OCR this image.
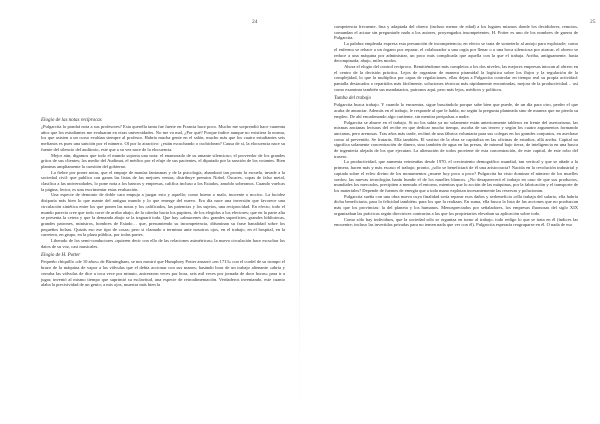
24
Elogio de las notas recíprocas

¿Pulgarcita lo pondrá nota a sus profesores? Esta querella tanta fue fuerte en Francia hace poco. Mucho me sorprendió hace cuarenta años que los estudiantes me evaluaran en otras universidades. No me va mal, ¿Por qué? Porque índice aunque no existiera la norma, los que asisten a un curso evalúan siempre al profesor. Habría mucha gente en el salón, mucho más que los cuatro estudiantes seis mefianos es pues una sanción por el número. Ol por lo atractivo: ¿están escuchando o cuchichean? Causa de sí, la elocuencia nace su fuente del silencio del auditorio, este que a su vez nace de la elocuencia.

Mejor aún, digamos que todo el mundo soporta una nota: el enamorado de su amante silencioso; el proveedor de los grandes gritos de sus clientes; los medio del Audímat, el médico por el efuje de sus pacientes, el diputado por la sanción de los votantes. Bien planteas ampliamente la cuestión del gobierno.

La fiebre por poner notas, que el empuje de manías fantasmas y de la psicología, abandonó tan pronto la escuela, invade a la sociedad civil: que publica con ganas las listas de las mejores ventas, distribuye premios Nobel, Óscares, copas de falso metal, clasifica a las universidades, lo pone nota a los bancos y empresas, califica incluso a los Estados, amoldo soberanos. Cuando vuelcas la página, lector, es una excrimentar estas evaluación.

Una especie de demonio de doble cara empuja a juzgar esto y aquello; como bueno o malo, inocente o nocivo. La lucidez disiparía más bien lo que mante del antiguo mundo y lo que emerge del nuevo. Era día nace una inversión que favorece una circulación sintética entre los que ponen las notas y los calificados, las patencias y los sujetos, una reciprocidad. En efecto, todo el mundo parecía cree que todo corre de arriba abajo, de la cátedra hacia los pupitres, de los elegidos a los electores; que en la parte alta se presenta la cetera y que la demanda abajo se la traguará toda. Que hay «almacenes de» grandes superficies, grandes bibliotecas, grandes patrones, ministros, hombres de Estado… que, presumiendo su incompetencia, difuminan su frase banalidad sobre los pequeños bolsas. Quizás eso ese tipo de cosas; pero si clamado a terminar ante nosotros ojos, en el trabajo, en el hospital, en la carretera, en grupo, en la plaza pública, por todas partes.

Liberado de los semi-conductores «quieren decir con ello de las relaciones asimétricas» la nueva circulación hace escuchar los datos de su voz, casi musicales.

Elogio de H. Potter

Pequeño chiquillo «de 10 años» de Birmingham, se nos mostró que Humphrey Potter ansarró «en 1713» con el cordel de su trompo el brazo de la máquina de vapor a las válvulas que el debía accionar con sus manos; basándo hoar de un trabajo alienante «abría y cerraba las válvulas de dice a toca vece por minuto, aniceraron veces por hora, seis mil veces por jornada de doce horas» para ir a jugar, inventó al mismo tiempo que suprimió su esclavitud, una especie de retroalimentación. Verdaderos inventando, este cuanto alaba la precisividad de un genio; a mis ojos, muestra más bien la

25

competencia frecuente, fina y adaptada del obrero (incluso menor de edad) a los lugares mismos donde los decididores, remotos, comandan el actuar sin preguntarle nada a los autores, proyengados insompetentes. H. Potter es uno de los nombres de guerra de Pulgarcita.

La palabra empleada expresa esta presunción de incompetencia; en efecto se trata de someterlo al antojo para explotarle; como el enfermo se rehace a un órgano por reparar, el colaborador a una orgía por llenar o a una boca silenciosa por atracar, el obrero se reduce a una máquina por administrar, un poco más complicada que aquella con la que el trabaja. Arriba, antiguamente, hasta decompinada; abajo, miles modos.

Ahora el elogio del control recíproco. Remitiéndome más completos a los dos niveles, las mejores empresas intocan al obrero en el centro de la decisión práctica. Lejos de organizar de manera piramidal la logística sobre los flujos y la regulación de la complejidad, lo que la multiplica por capas de regulaciones, ellas dejan a Pulgarcita controlar en tiempo real su propia actividad: pantalla destacados o repartidos más fácilmente, soluciones técnicas más rápidamente encontradas, mejora de la productividad… así como examinar también sus mandatarios, patronos aquí, pero más lejos, médicos y políticos.

Tumba del trabajo

Pulgarcita busca trabajo. Y cuando lo encuentra, sigue buscándolo porque sabe bien que puede, de un día para otro, perder el que acaba de anunciar. Además en el trabajo, le responde al que le habla, no según la pregunta planteada sino de manera que no pierda su empleo. De ahí encadenando algo curtiente, sin mentira peripalsas a nadie.

Pulgarcita se aburre en el trabajo. Si no los sabía ya no solamente están anteriormente tableros en frente del asertorismo, las mismas ancianas lecturas del recibe en que dedicar mucho tiempo, ascoba de sus teoreo y según los cuatro argumentos formando ancianas, pero arenosas. Tras años más tarde, reclinó de una fábrica voluntaria para sus colegas en los grandes conjuntos, en asechase como al prevenido. Se frutarás. Ella también. El vastiso de la obra se capitaliza en las oficinas de estudios, allá arriba. Capital no significa solamente concentración de dinero, sino también de agua en las presas, de mineral bajo tierra, de inteligencia en una busca de ingeniería alejada de los que ejecutan. La alienación de todos proviene de esta concentración, de este capital, de este robo del trasero.

La productividad, que aumenta veinteañas desde 1970, el crecimiento demográfico mundial, tan vertical y que se añade a la primera, hacen más y más escaso el trabajo; pronto, ¿sólo se beneficiará de él una aristocracia? Nacida en la revolución industrial y captada sobre el ecleo divino de los monumentos ¿muere hoy poco a poco? Pulgarcita ha visto dominar el número de los muelles sordos; las nuevas tecnologías harán hundir el de los muelles blancos. ¿No desaparecerá el trabajo en caso de que sus productos, mundiales los mercados, precipiten a menudo el entorno, mientras que lo acción de las máquinas, por la fabricación y el transporte de los materiales? Depende de fuentes de energía que a toda mano explotan incesantemente las reservas y polucionan.

Pulgarcita sueña con una obra nueva cuya finalidad sería reparar esos daños y serbeneficia «ella trabaja del salario, ella habría dicha beneficiaria, para la felicidad también» para los que la realizan. En suma, ella busca la lista de las acciones que no produzcan más que los provincias: la del planeta y los humanos. Menospreciados por señaladores, los empresas fluonosas del siglo XIX organizaban las prácticas según directrices contrarias a las que los propietarios elevaban su aplicación sobre todo.

Como sólo hay individuos, que la sociedad sólo se organiza en torno al trabajo, todo redigo lo que se trata en él (índices las encuentre; incluso las invertidas privadas para no temen nada que ver con él). Pulgarcita esperaría reagruparse en él. O nada de eso
